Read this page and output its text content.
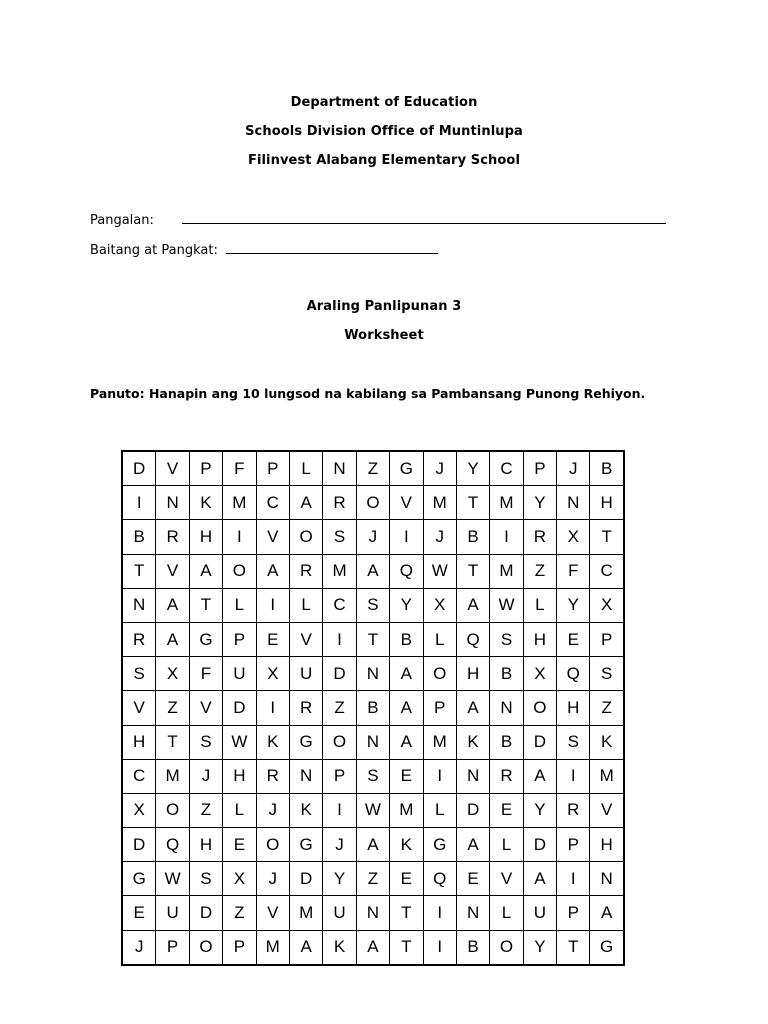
Department of Education
Schools Division Office of Muntinlupa
Filinvest Alabang Elementary School
Pangalan:
Baitang at Pangkat:
Araling Panlipunan 3
Worksheet
Panuto: Hanapin ang 10 lungsod na kabilang sa Pambansang Punong Rehiyon.
D	V	P	F	P	L	N	Z	G	J	Y	C	P	J	B
I	N	K	M	C	A	R	O	V	M	T	M	Y	N	H
B	R	H	I	V	O	S	J	I	J	B	I	R	X	T
T	V	A	O	A	R	M	A	Q	W	T	M	Z	F	C
N	A	T	L	I	L	C	S	Y	X	A	W	L	Y	X
R	A	G	P	E	V	I	T	B	L	Q	S	H	E	P
S	X	F	U	X	U	D	N	A	O	H	B	X	Q	S
V	Z	V	D	I	R	Z	B	A	P	A	N	O	H	Z
H	T	S	W	K	G	O	N	A	M	K	B	D	S	K
C	M	J	H	R	N	P	S	E	I	N	R	A	I	M
X	O	Z	L	J	K	I	W	M	L	D	E	Y	R	V
D	Q	H	E	O	G	J	A	K	G	A	L	D	P	H
G	W	S	X	J	D	Y	Z	E	Q	E	V	A	I	N
E	U	D	Z	V	M	U	N	T	I	N	L	U	P	A
J	P	O	P	M	A	K	A	T	I	B	O	Y	T	G
